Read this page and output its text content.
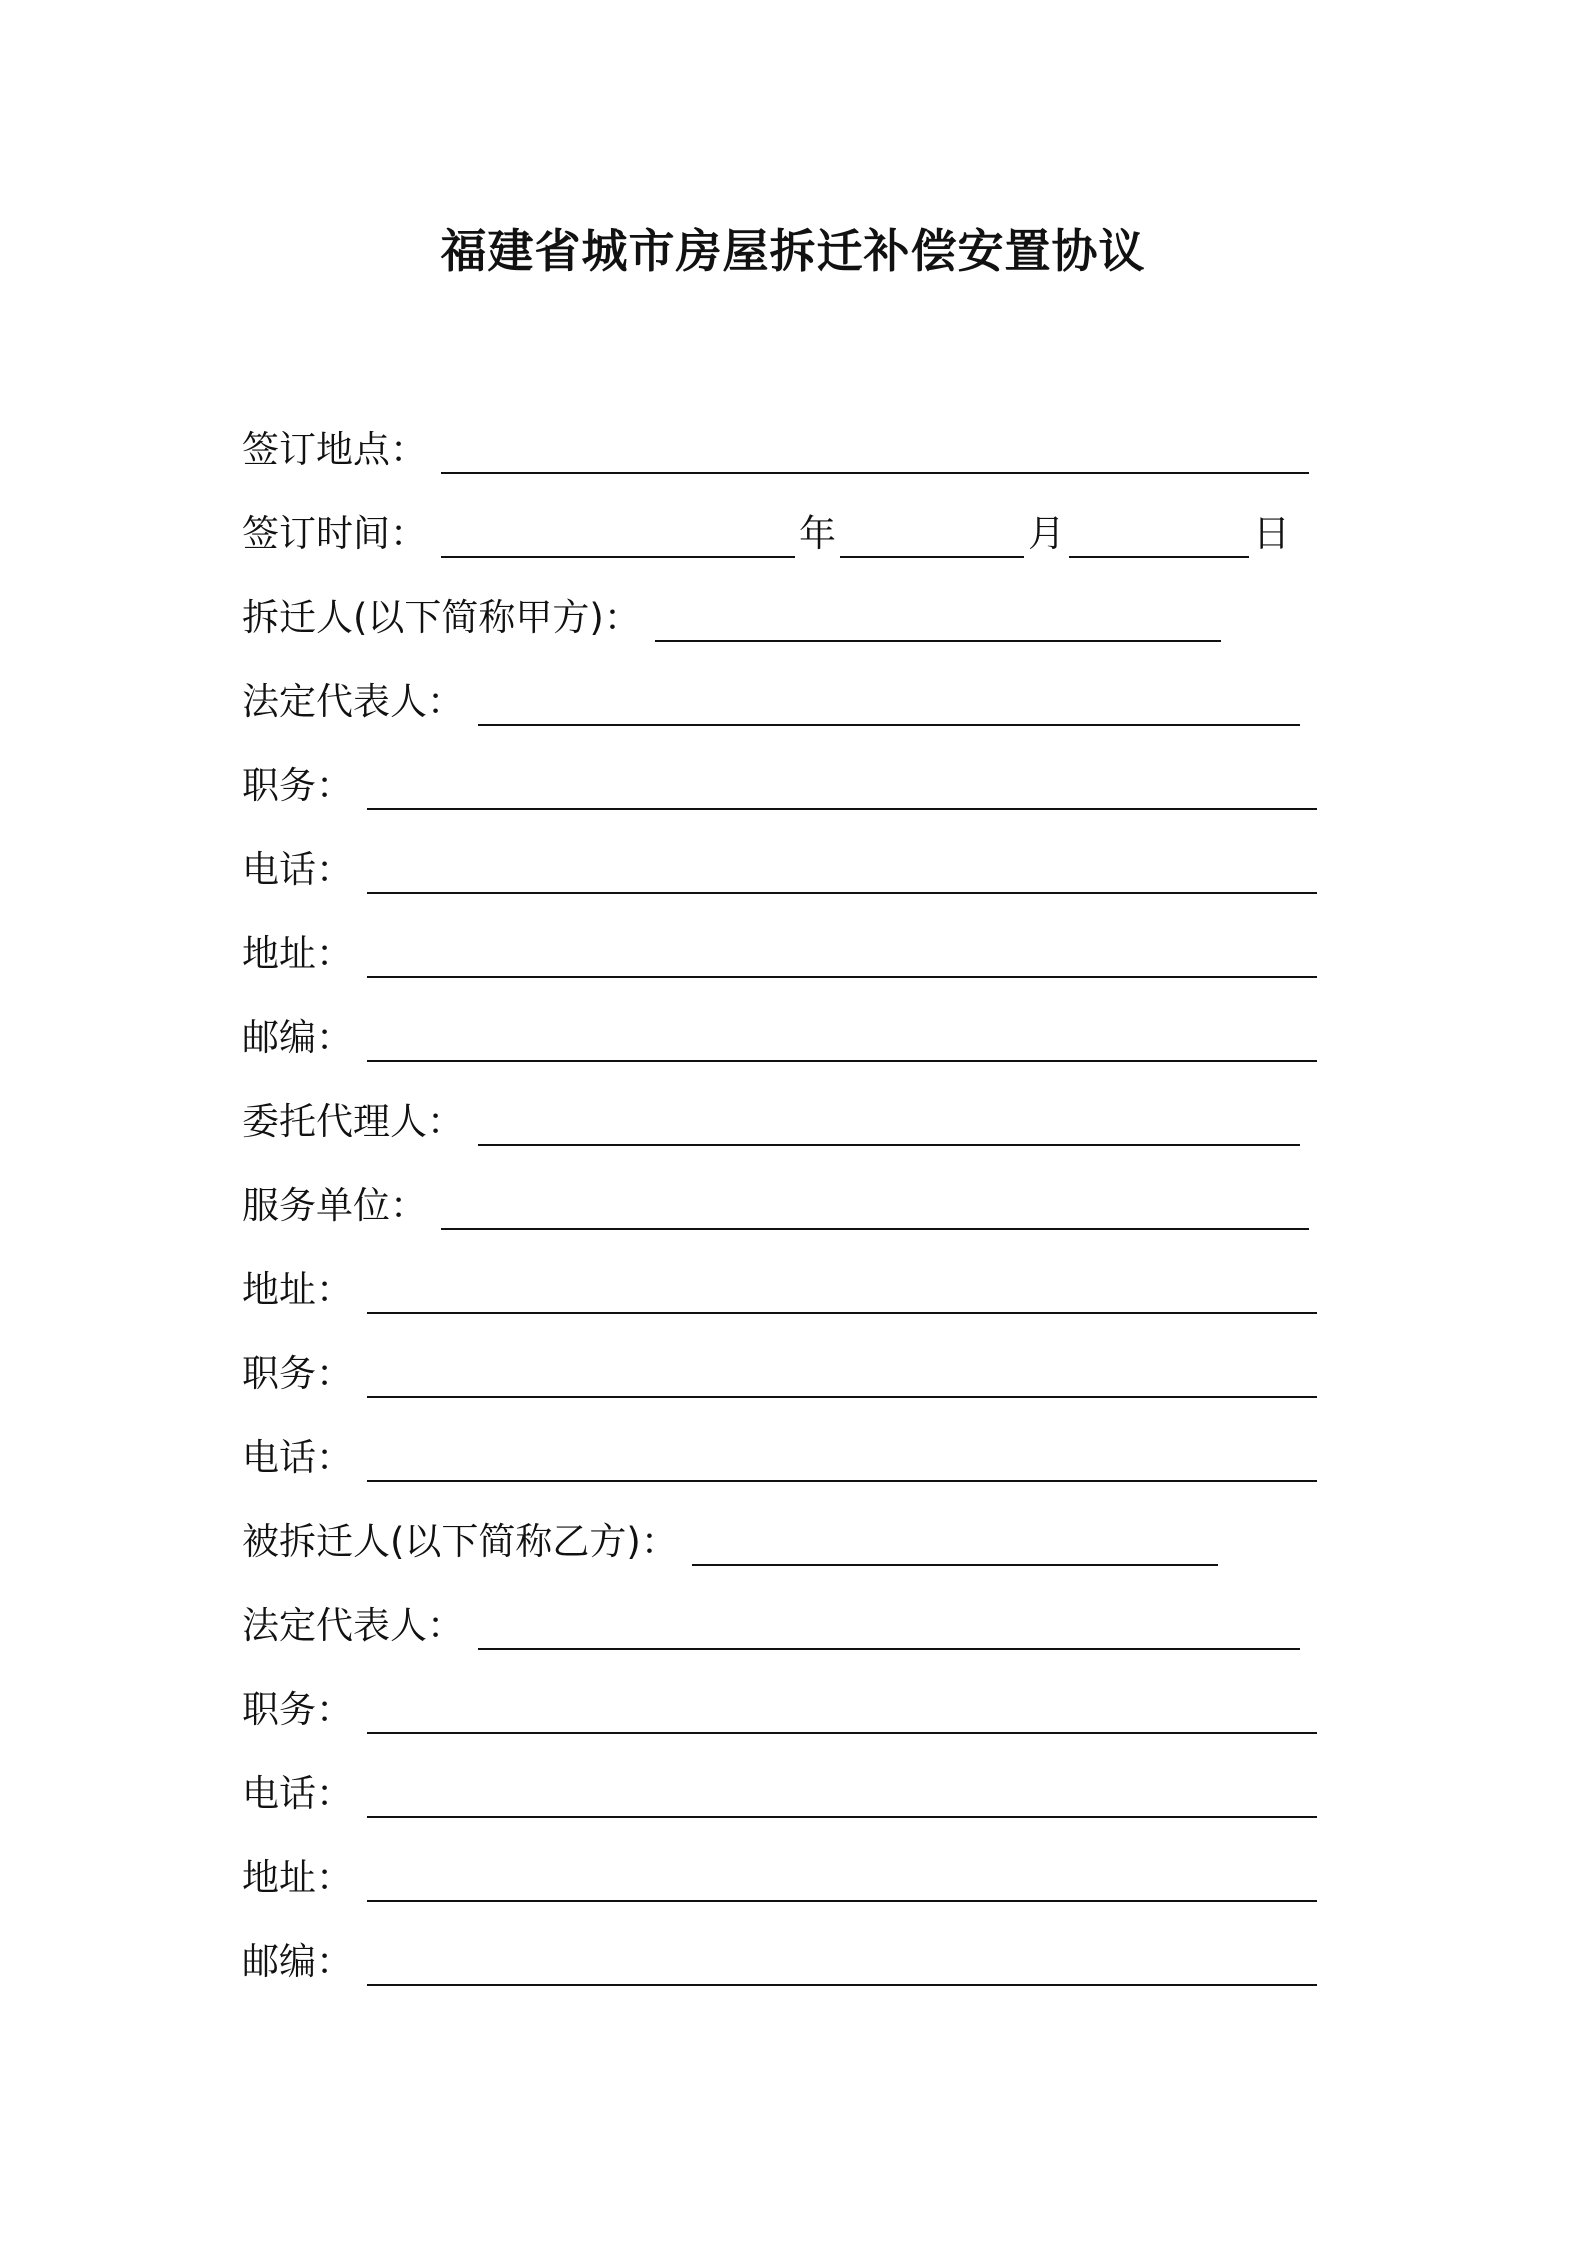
福建省城市房屋拆迁补偿安置协议
签订地点 ：
签订时间 ：	年	月	日
拆迁人(以下简称甲方) ：
法定代表人 ：
职务 ：
电话 ：
地址 ：
邮编 ：
委托代理人 ：
服务单位 ：
地址 ：
职务 ：
电话 ：
被拆迁人(以下简称乙方) ：
法定代表人 ：
职务 ：
电话 ：
地址 ：
邮编 ：
